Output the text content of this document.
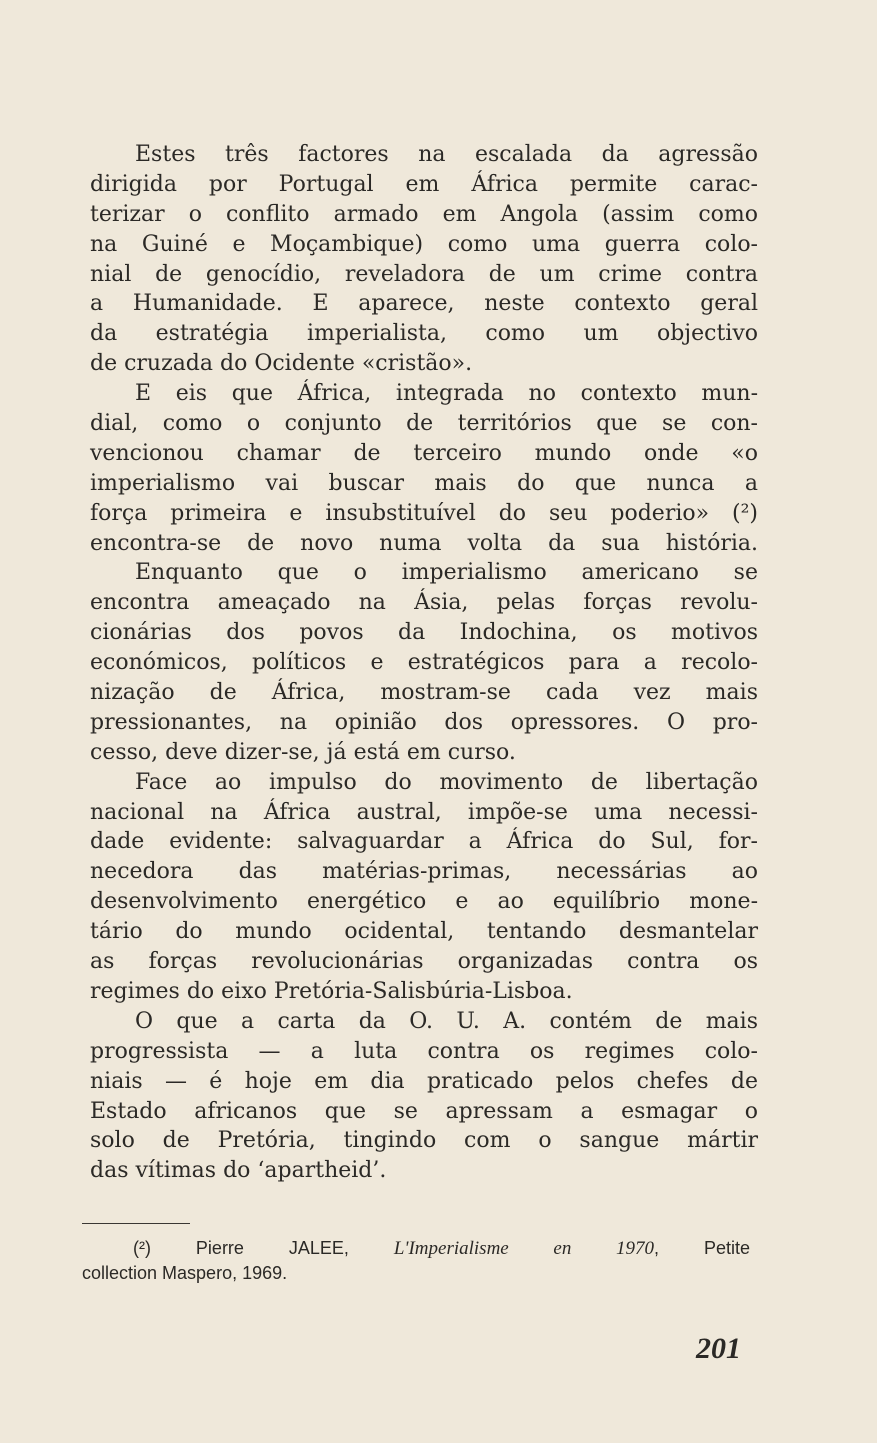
Estes três factores na escalada da agressão
dirigida por Portugal em África permite carac-
terizar o conflito armado em Angola (assim como
na Guiné e Moçambique) como uma guerra colo-
nial de genocídio, reveladora de um crime contra
a Humanidade. E aparece, neste contexto geral
da estratégia imperialista, como um objectivo
de cruzada do Ocidente «cristão».
E eis que África, integrada no contexto mun-
dial, como o conjunto de territórios que se con-
vencionou chamar de terceiro mundo onde «o
imperialismo vai buscar mais do que nunca a
força primeira e insubstituível do seu poderio» (²)
encontra-se de novo numa volta da sua história.
Enquanto que o imperialismo americano se
encontra ameaçado na Ásia, pelas forças revolu-
cionárias dos povos da Indochina, os motivos
económicos, políticos e estratégicos para a recolo-
nização de África, mostram-se cada vez mais
pressionantes, na opinião dos opressores. O pro-
cesso, deve dizer-se, já está em curso.
Face ao impulso do movimento de libertação
nacional na África austral, impõe-se uma necessi-
dade evidente: salvaguardar a África do Sul, for-
necedora das matérias-primas, necessárias ao
desenvolvimento energético e ao equilíbrio mone-
tário do mundo ocidental, tentando desmantelar
as forças revolucionárias organizadas contra os
regimes do eixo Pretória-Salisbúria-Lisboa.
O que a carta da O. U. A. contém de mais
progressista — a luta contra os regimes colo-
niais — é hoje em dia praticado pelos chefes de
Estado africanos que se apressam a esmagar o
solo de Pretória, tingindo com o sangue mártir
das vítimas do ‘apartheid’.
(²) Pierre JALEE, L'Imperialisme en 1970, Petite
collection Maspero, 1969.
201
